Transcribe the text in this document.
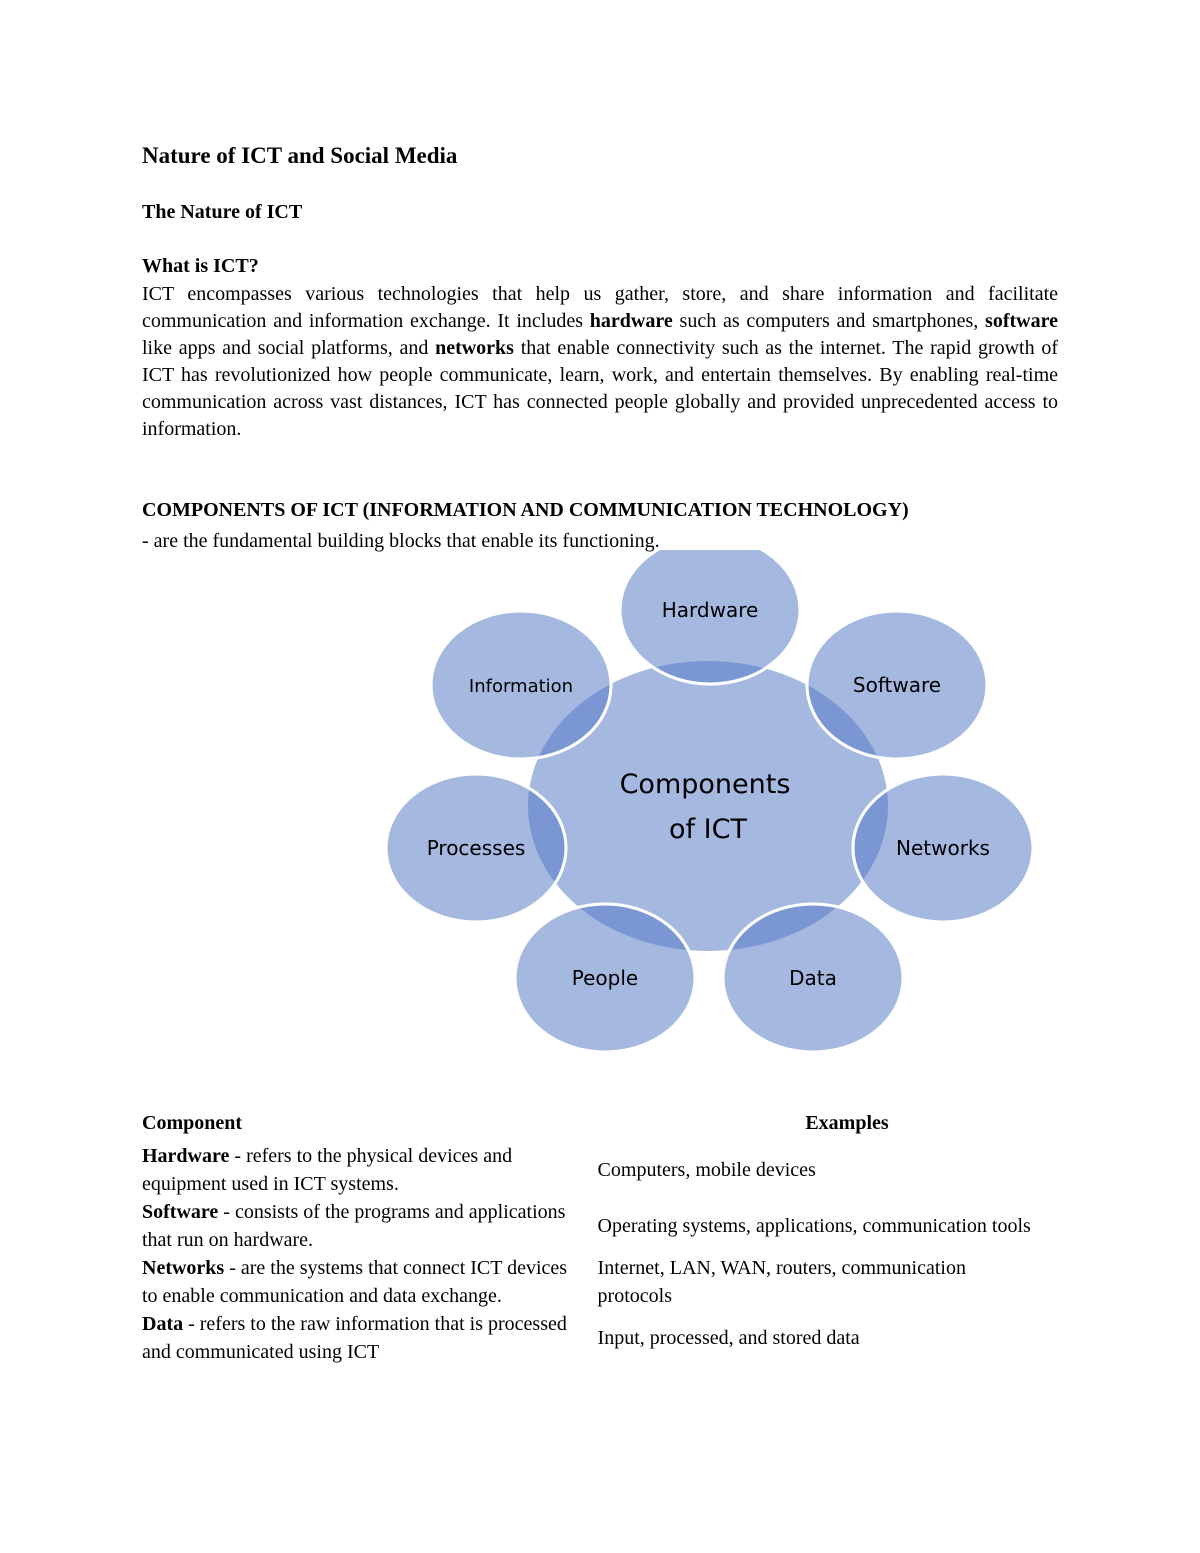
Nature of ICT and Social Media
The Nature of ICT
What is ICT?

ICT encompasses various technologies that help us gather, store, and share information and facilitate communication and information exchange. It includes hardware such as computers and smartphones, software like apps and social platforms, and networks that enable connectivity such as the internet. The rapid growth of ICT has revolutionized how people communicate, learn, work, and entertain themselves. By enabling real-time communication across vast distances, ICT has connected people globally and provided unprecedented access to information.

COMPONENTS OF ICT (INFORMATION AND COMMUNICATION TECHNOLOGY)

- are the fundamental building blocks that enable its functioning.

Components
of ICT
Hardware
Software
Networks
Data
People
Processes
Information
Component	Examples
Hardware - refers to the physical devices and equipment used in ICT systems.
Computers, mobile devices
Software - consists of the programs and applications that run on hardware.
Operating systems, applications, communication tools
Networks - are the systems that connect ICT devices to enable communication and data exchange.
Internet, LAN, WAN, routers, communication protocols
Data - refers to the raw information that is processed and communicated using ICT
Input, processed, and stored data
